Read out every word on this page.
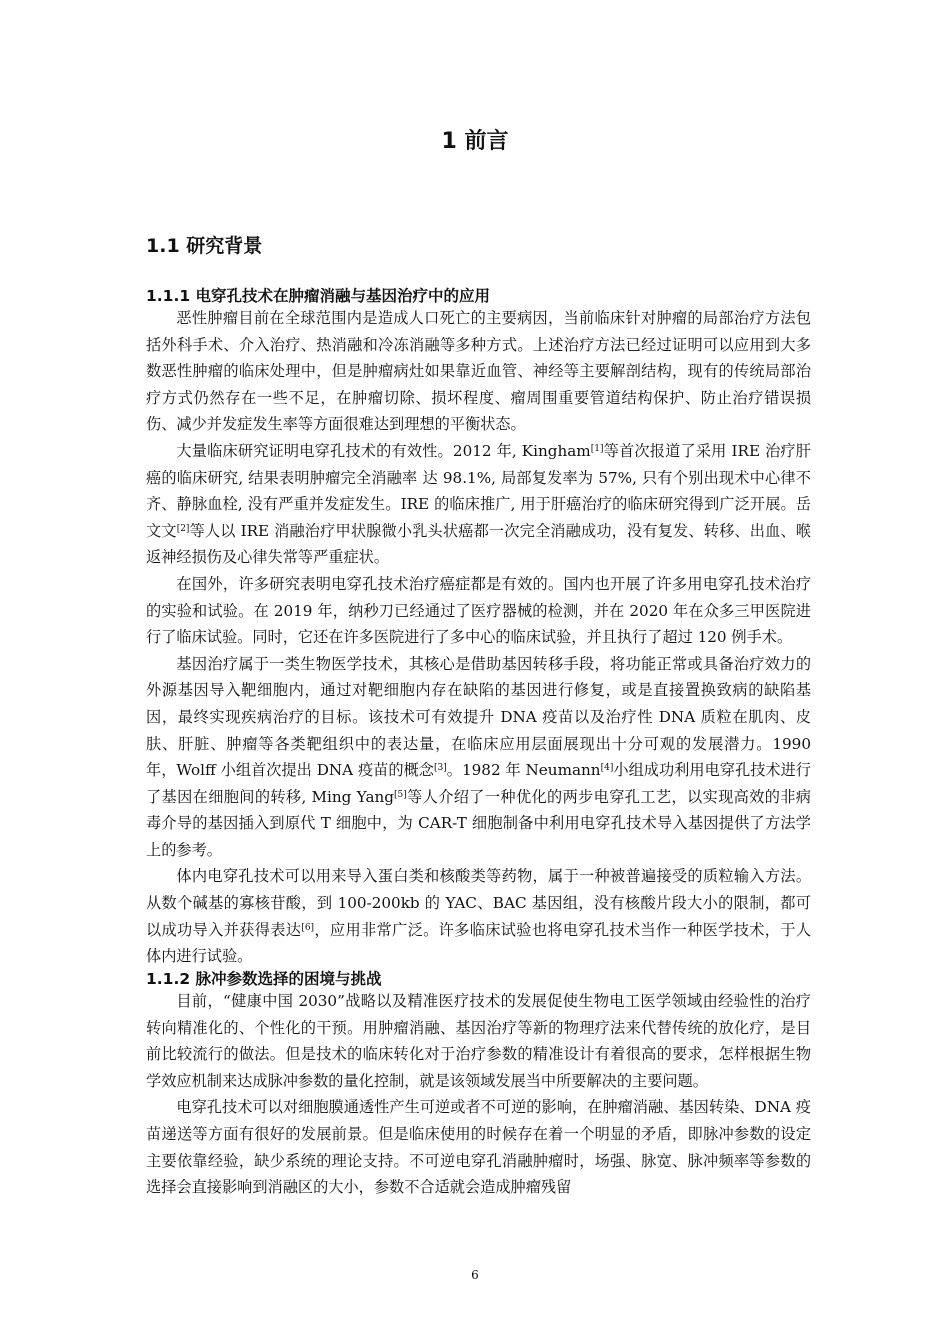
1 前言
1.1 研究背景
1.1.1 电穿孔技术在肿瘤消融与基因治疗中的应用

恶性肿瘤目前在全球范围内是造成人口死亡的主要病因，当前临床针对肿瘤的局部治疗方法包括外科手术、介入治疗、热消融和冷冻消融等多种方式。上述治疗方法已经过证明可以应用到大多数恶性肿瘤的临床处理中，但是肿瘤病灶如果靠近血管、神经等主要解剖结构，现有的传统局部治疗方式仍然存在一些不足，在肿瘤切除、损坏程度、瘤周围重要管道结构保护、防止治疗错误损伤、减少并发症发生率等方面很难达到理想的平衡状态。

大量临床研究证明电穿孔技术的有效性。2012 年, Kingham[1]等首次报道了采用 IRE 治疗肝癌的临床研究, 结果表明肿瘤完全消融率 达 98.1%, 局部复发率为 57%, 只有个别出现术中心律不齐、静脉血栓, 没有严重并发症发生。IRE 的临床推广, 用于肝癌治疗的临床研究得到广泛开展。岳文文[2]等人以 IRE 消融治疗甲状腺微小乳头状癌都一次完全消融成功，没有复发、转移、出血、喉返神经损伤及心律失常等严重症状。

在国外，许多研究表明电穿孔技术治疗癌症都是有效的。国内也开展了许多用电穿孔技术治疗的实验和试验。在 2019 年，纳秒刀已经通过了医疗器械的检测，并在 2020 年在众多三甲医院进行了临床试验。同时，它还在许多医院进行了多中心的临床试验，并且执行了超过 120 例手术。

基因治疗属于一类生物医学技术，其核心是借助基因转移手段，将功能正常或具备治疗效力的外源基因导入靶细胞内，通过对靶细胞内存在缺陷的基因进行修复，或是直接置换致病的缺陷基因，最终实现疾病治疗的目标。该技术可有效提升 DNA 疫苗以及治疗性 DNA 质粒在肌肉、皮肤、肝脏、肿瘤等各类靶组织中的表达量，在临床应用层面展现出十分可观的发展潜力。1990 年，Wolff 小组首次提出 DNA 疫苗的概念[3]。1982 年 Neumann[4]小组成功利用电穿孔技术进行了基因在细胞间的转移, Ming Yang[5]等人介绍了一种优化的两步电穿孔工艺，以实现高效的非病毒介导的基因插入到原代 T 细胞中，为 CAR-T 细胞制备中利用电穿孔技术导入基因提供了方法学上的参考。

体内电穿孔技术可以用来导入蛋白类和核酸类等药物，属于一种被普遍接受的质粒输入方法。从数个碱基的寡核苷酸，到 100-200kb 的 YAC、BAC 基因组，没有核酸片段大小的限制，都可以成功导入并获得表达[6]，应用非常广泛。许多临床试验也将电穿孔技术当作一种医学技术，于人体内进行试验。

1.1.2 脉冲参数选择的困境与挑战

目前，“健康中国 2030”战略以及精准医疗技术的发展促使生物电工医学领域由经验性的治疗转向精准化的、个性化的干预。用肿瘤消融、基因治疗等新的物理疗法来代替传统的放化疗，是目前比较流行的做法。但是技术的临床转化对于治疗参数的精准设计有着很高的要求，怎样根据生物学效应机制来达成脉冲参数的量化控制，就是该领域发展当中所要解决的主要问题。

电穿孔技术可以对细胞膜通透性产生可逆或者不可逆的影响，在肿瘤消融、基因转染、DNA 疫苗递送等方面有很好的发展前景。但是临床使用的时候存在着一个明显的矛盾，即脉冲参数的设定主要依靠经验，缺少系统的理论支持。不可逆电穿孔消融肿瘤时，场强、脉宽、脉冲频率等参数的选择会直接影响到消融区的大小，参数不合适就会造成肿瘤残留

6
